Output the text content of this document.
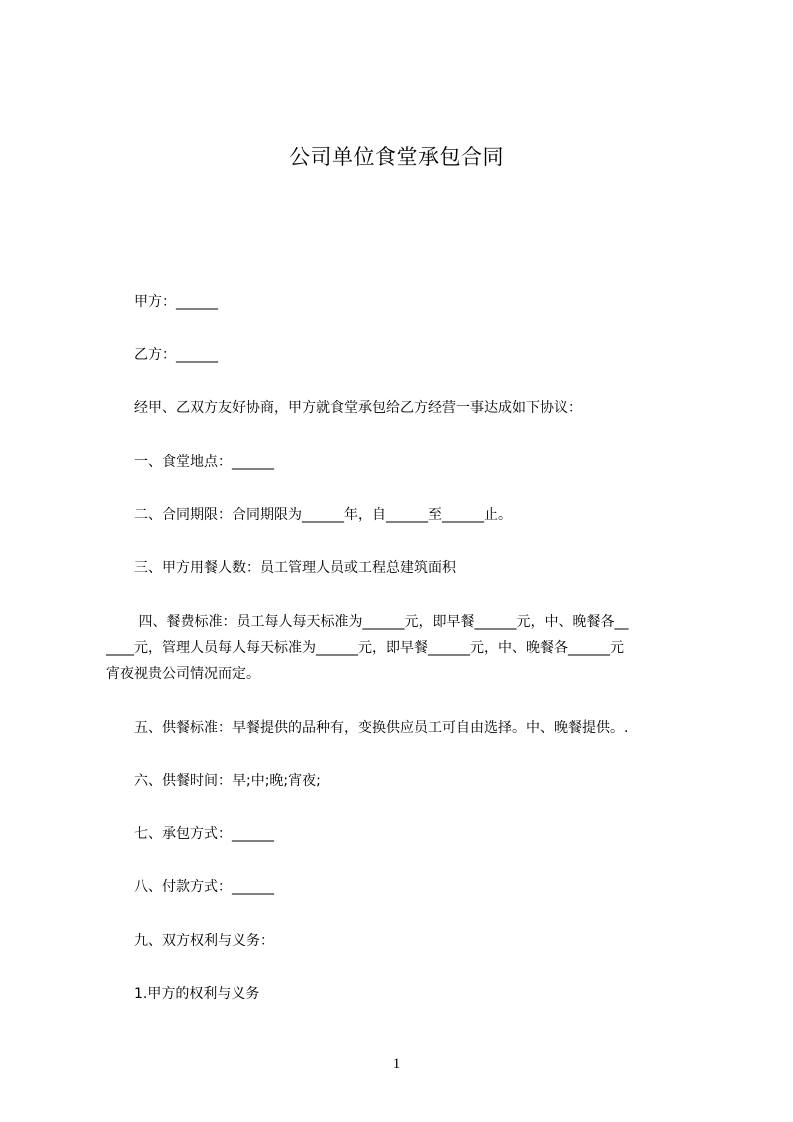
公司单位食堂承包合同

　　甲方：______

　　乙方：______

　　经甲、乙双方友好协商，甲方就食堂承包给乙方经营一事达成如下协议：

　　一、食堂地点：______

　　二、合同期限：合同期限为______年，自______至______止。

　　三、甲方用餐人数：员工管理人员或工程总建筑面积

　　 四、餐费标准：员工每人每天标准为______元，即早餐______元，中、晚餐各__
____元，管理人员每人每天标准为______元，即早餐______元，中、晚餐各______元
宵夜视贵公司情况而定。

　　五、供餐标准：早餐提供的品种有，变换供应员工可自由选择。中、晚餐提供。.

　　六、供餐时间：早;中;晚;宵夜;

　　七、承包方式：______

　　八、付款方式：______

　　九、双方权利与义务：

　　1.甲方的权利与义务

1
